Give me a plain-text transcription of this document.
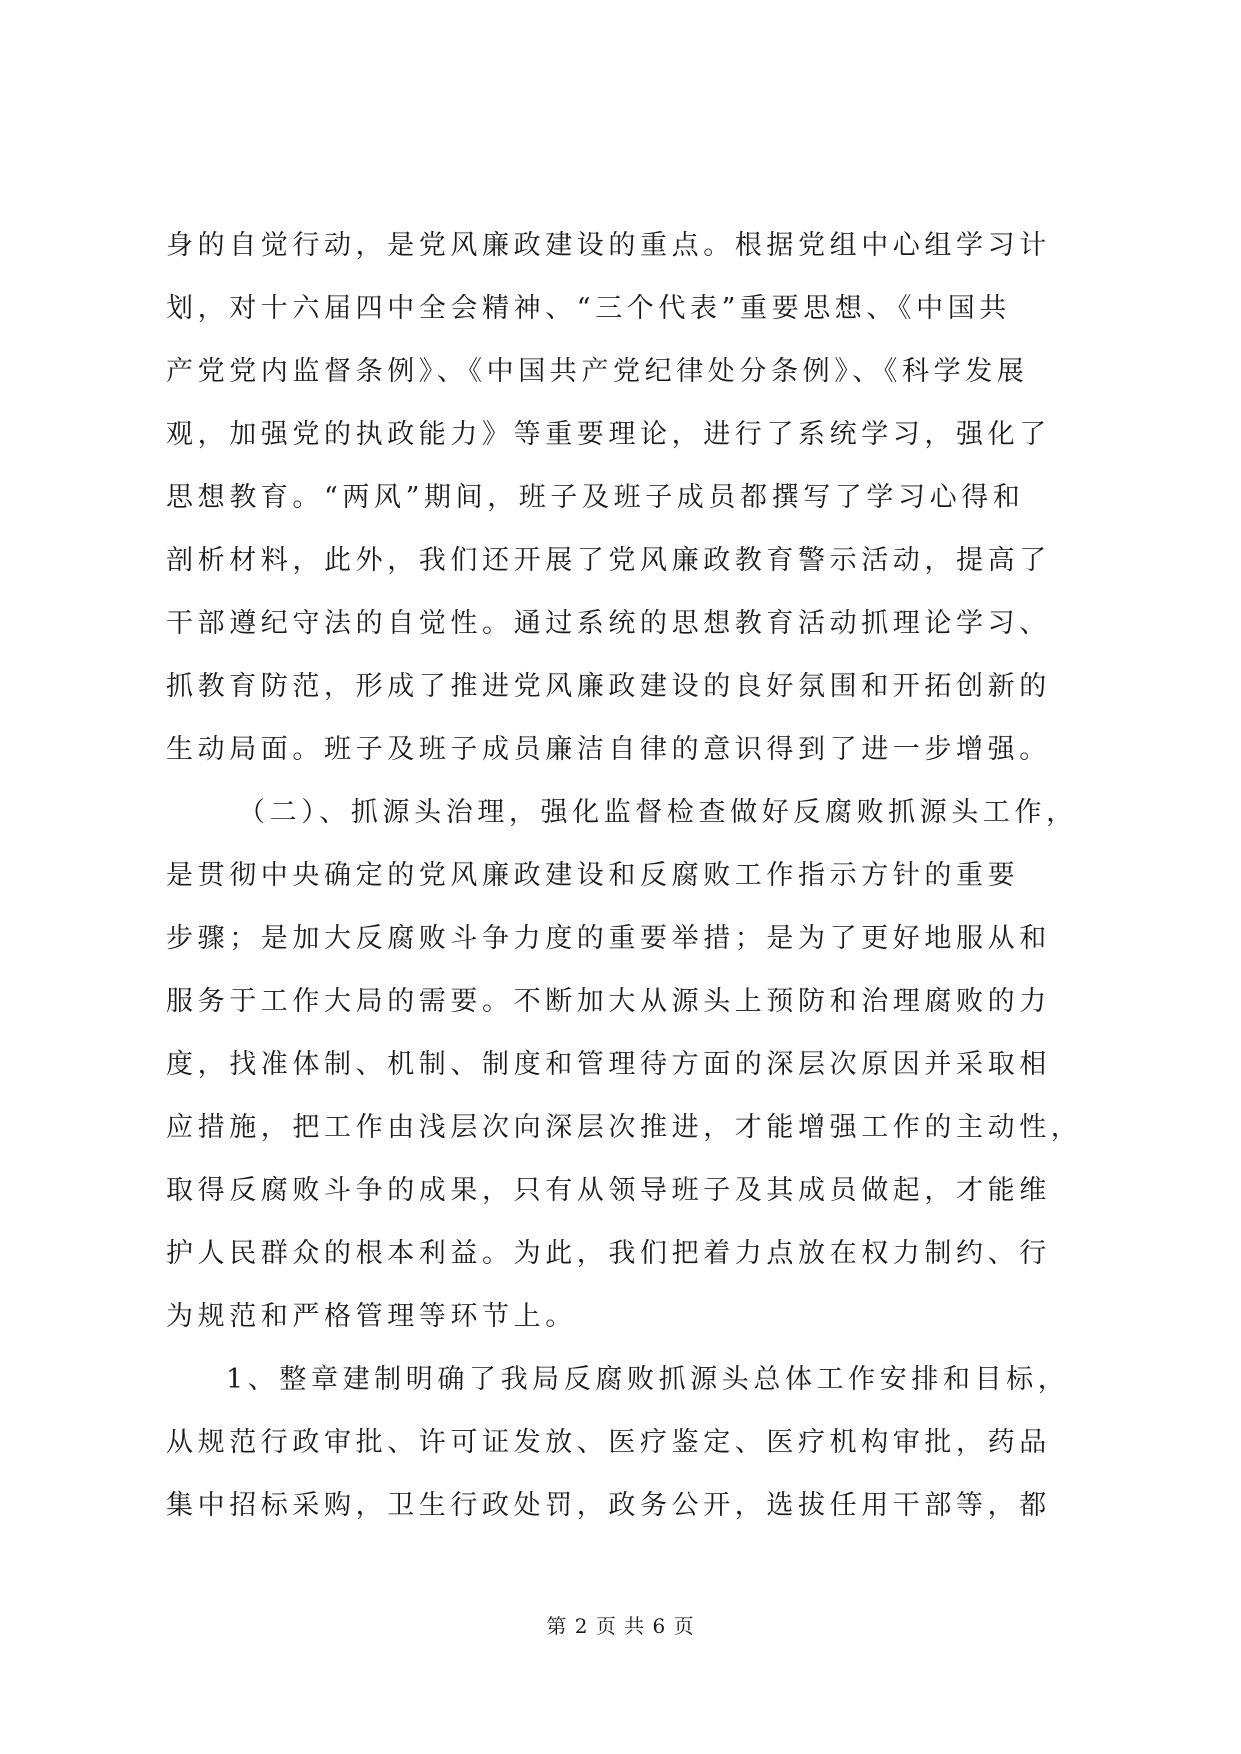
身的自觉行动，是党风廉政建设的重点。根据党组中心组学习计
划，对十六届四中全会精神、“三个代表”重要思想、《中国共
产党党内监督条例》、《中国共产党纪律处分条例》、《科学发展
观，加强党的执政能力》等重要理论，进行了系统学习，强化了
思想教育。“两风”期间，班子及班子成员都撰写了学习心得和
剖析材料，此外，我们还开展了党风廉政教育警示活动，提高了
干部遵纪守法的自觉性。通过系统的思想教育活动抓理论学习、
抓教育防范，形成了推进党风廉政建设的良好氛围和开拓创新的
生动局面。班子及班子成员廉洁自律的意识得到了进一步增强。
（二）、抓源头治理，强化监督检查做好反腐败抓源头工作，
是贯彻中央确定的党风廉政建设和反腐败工作指示方针的重要
步骤；是加大反腐败斗争力度的重要举措；是为了更好地服从和
服务于工作大局的需要。不断加大从源头上预防和治理腐败的力
度，找准体制、机制、制度和管理待方面的深层次原因并采取相
应措施，把工作由浅层次向深层次推进，才能增强工作的主动性，
取得反腐败斗争的成果，只有从领导班子及其成员做起，才能维
护人民群众的根本利益。为此，我们把着力点放在权力制约、行
为规范和严格管理等环节上。
1、整章建制明确了我局反腐败抓源头总体工作安排和目标，
从规范行政审批、许可证发放、医疗鉴定、医疗机构审批，药品
集中招标采购，卫生行政处罚，政务公开，选拔任用干部等，都
第 2 页 共 6 页
